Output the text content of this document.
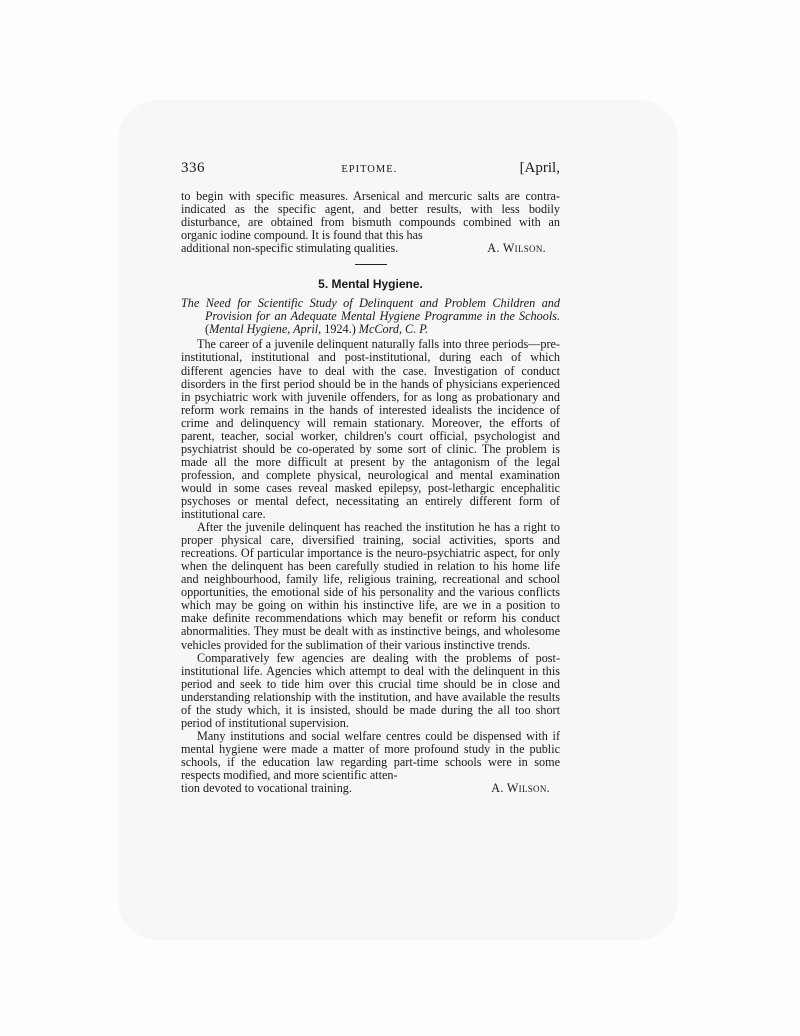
336	EPITOME.	[April,

to begin with specific measures. Arsenical and mercuric salts are contra-indicated as the specific agent, and better results, with less bodily disturbance, are obtained from bismuth compounds combined with an organic iodine compound. It is found that this has

additional non-specific stimulating qualities.	A. Wilson.

5. Mental Hygiene.

The Need for Scientific Study of Delinquent and Problem Children and Provision for an Adequate Mental Hygiene Programme in the Schools. (Mental Hygiene, April, 1924.) McCord, C. P.

The career of a juvenile delinquent naturally falls into three periods—pre-institutional, institutional and post-institutional, during each of which different agencies have to deal with the case. Investigation of conduct disorders in the first period should be in the hands of physicians experienced in psychiatric work with juvenile offenders, for as long as probationary and reform work remains in the hands of interested idealists the incidence of crime and delinquency will remain stationary. Moreover, the efforts of parent, teacher, social worker, children's court official, psychologist and psychiatrist should be co-operated by some sort of clinic. The problem is made all the more difficult at present by the antagonism of the legal profession, and complete physical, neurological and mental examination would in some cases reveal masked epilepsy, post-lethargic encephalitic psychoses or mental defect, necessitating an entirely different form of institutional care.

After the juvenile delinquent has reached the institution he has a right to proper physical care, diversified training, social activities, sports and recreations. Of particular importance is the neuro-psychiatric aspect, for only when the delinquent has been carefully studied in relation to his home life and neighbourhood, family life, religious training, recreational and school opportunities, the emotional side of his personality and the various conflicts which may be going on within his instinctive life, are we in a position to make definite recommendations which may benefit or reform his conduct abnormalities. They must be dealt with as instinctive beings, and wholesome vehicles provided for the sublimation of their various instinctive trends.

Comparatively few agencies are dealing with the problems of post-institutional life. Agencies which attempt to deal with the delinquent in this period and seek to tide him over this crucial time should be in close and understanding relationship with the institution, and have available the results of the study which, it is insisted, should be made during the all too short period of institutional supervision.

Many institutions and social welfare centres could be dispensed with if mental hygiene were made a matter of more profound study in the public schools, if the education law regarding part-time schools were in some respects modified, and more scientific atten-

tion devoted to vocational training.	A. Wilson.
